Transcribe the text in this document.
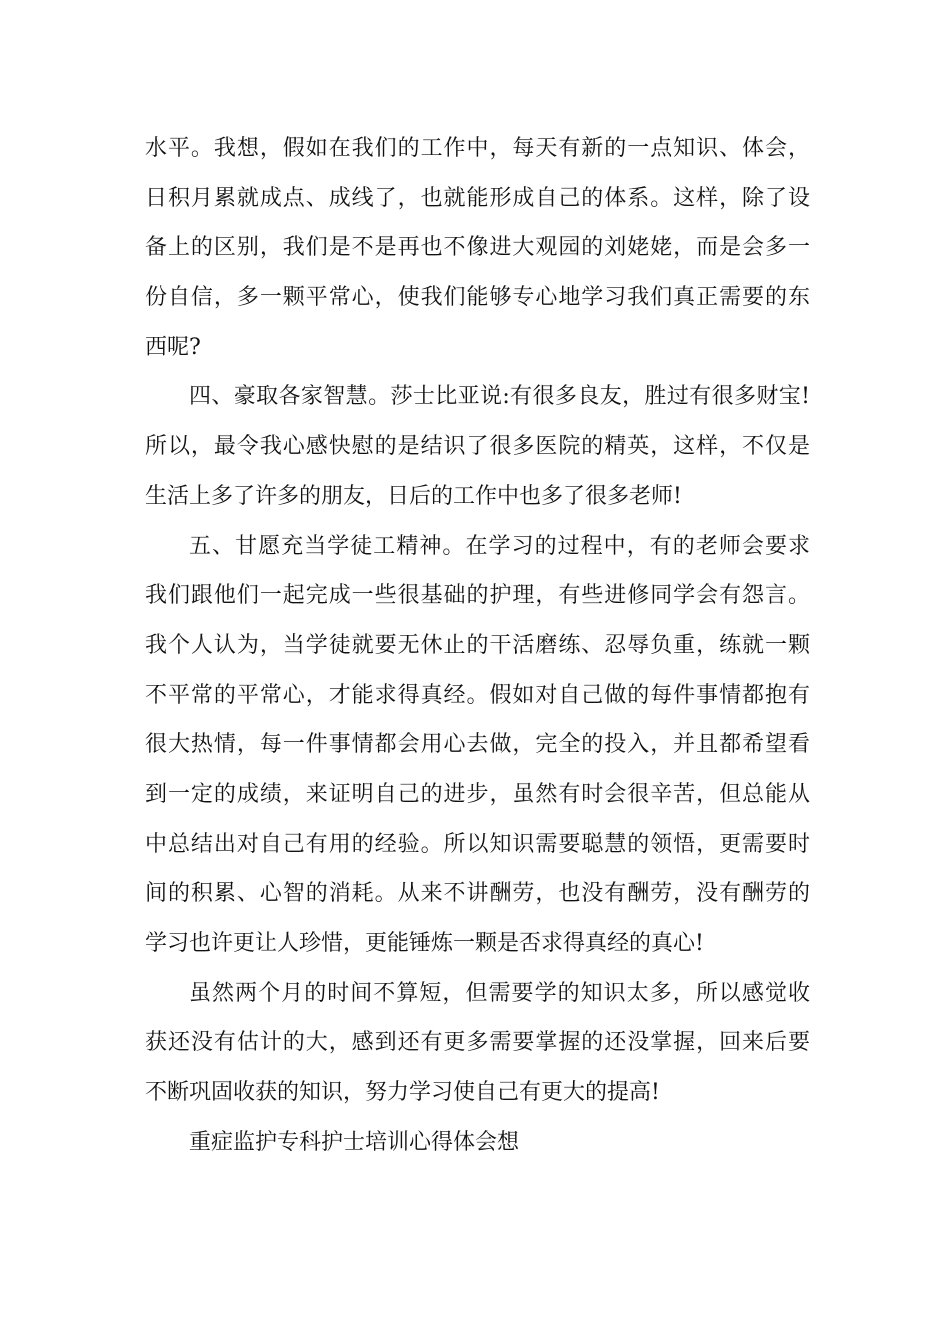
水平。我想，假如在我们的工作中，每天有新的一点知识、体会，
日积月累就成点、成线了，也就能形成自己的体系。这样，除了设
备上的区别，我们是不是再也不像进大观园的刘姥姥，而是会多一
份自信，多一颗平常心，使我们能够专心地学习我们真正需要的东
西呢?
四、豪取各家智慧。莎士比亚说:有很多良友，胜过有很多财宝!
所以，最令我心感快慰的是结识了很多医院的精英，这样，不仅是
生活上多了许多的朋友，日后的工作中也多了很多老师!
五、甘愿充当学徒工精神。在学习的过程中，有的老师会要求
我们跟他们一起完成一些很基础的护理，有些进修同学会有怨言。
我个人认为，当学徒就要无休止的干活磨练、忍辱负重，练就一颗
不平常的平常心，才能求得真经。假如对自己做的每件事情都抱有
很大热情，每一件事情都会用心去做，完全的投入，并且都希望看
到一定的成绩，来证明自己的进步，虽然有时会很辛苦，但总能从
中总结出对自己有用的经验。所以知识需要聪慧的领悟，更需要时
间的积累、心智的消耗。从来不讲酬劳，也没有酬劳，没有酬劳的
学习也许更让人珍惜，更能锤炼一颗是否求得真经的真心!
虽然两个月的时间不算短，但需要学的知识太多，所以感觉收
获还没有估计的大，感到还有更多需要掌握的还没掌握，回来后要
不断巩固收获的知识，努力学习使自己有更大的提高!
重症监护专科护士培训心得体会想
